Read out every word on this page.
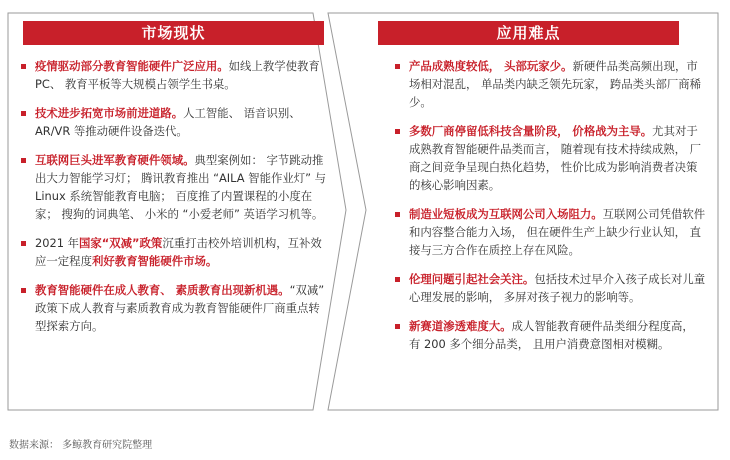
市场现状	应用难点
疫情驱动部分教育智能硬件广泛应用。如线上教学使教育 PC、 教育平板等大规模占领学生书桌。
技术进步拓宽市场前进道路。人工智能、 语音识别、AR/VR 等推动硬件设备迭代。
互联网巨头进军教育硬件领域。典型案例如： 字节跳动推出大力智能学习灯； 腾讯教育推出 “AILA 智能作业灯” 与 Linux 系统智能教育电脑； 百度推了内置课程的小度在家； 搜狗的词典笔、 小米的 “小爱老师” 英语学习机等。
2021 年国家“双减”政策沉重打击校外培训机构，互补效应一定程度利好教育智能硬件市场。
教育智能硬件在成人教育、 素质教育出现新机遇。“双减” 政策下成人教育与素质教育成为教育智能硬件厂商重点转型探索方向。
产品成熟度较低， 头部玩家少。新硬件品类高频出现，市场相对混乱， 单品类内缺乏领先玩家， 跨品类头部厂商稀少。
多数厂商停留低科技含量阶段， 价格战为主导。尤其对于成熟教育智能硬件品类而言， 随着现有技术持续成熟， 厂商之间竞争呈现白热化趋势， 性价比成为影响消费者决策的核心影响因素。
制造业短板成为互联网公司入场阻力。互联网公司凭借软件和内容整合能力入场， 但在硬件生产上缺少行业认知， 直接与三方合作在质控上存在风险。
伦理问题引起社会关注。包括技术过早介入孩子成长对儿童心理发展的影响， 多屏对孩子视力的影响等。
新赛道渗透难度大。成人智能教育硬件品类细分程度高， 有 200 多个细分品类， 且用户消费意图相对模糊。
数据来源： 多鲸教育研究院整理
